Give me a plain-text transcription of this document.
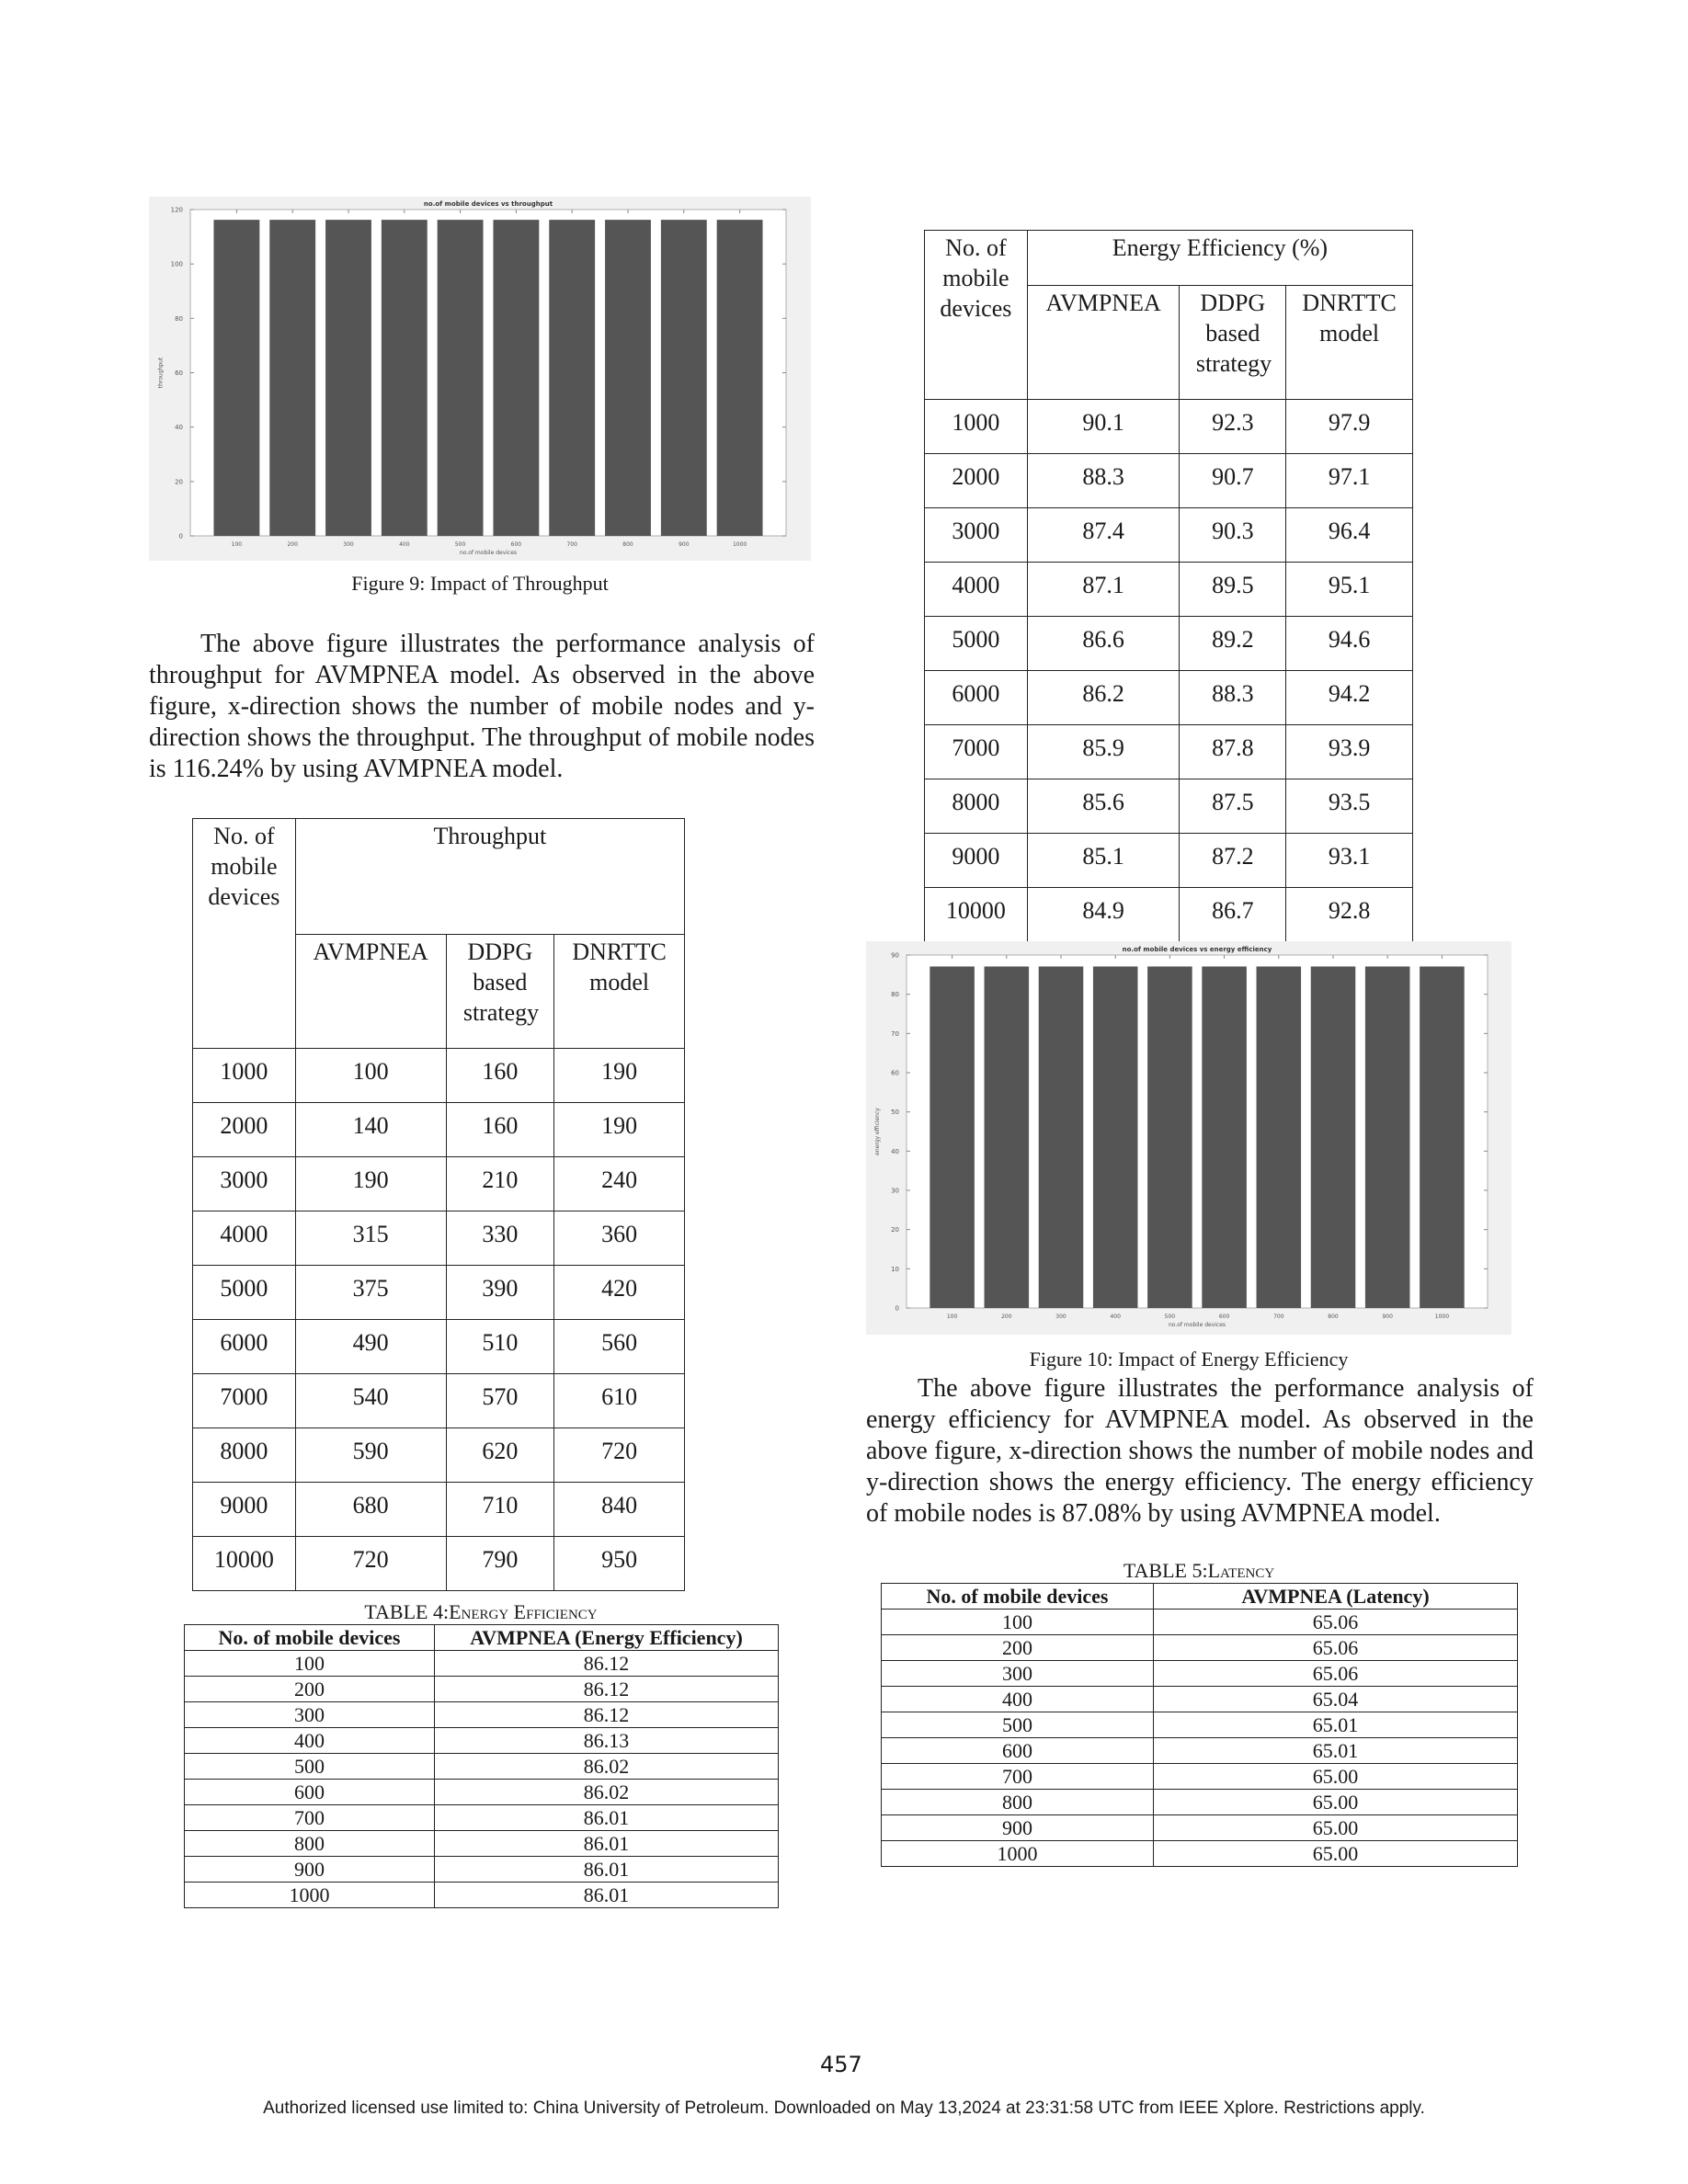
no.of mobile devices vs throughput
0
20
40
60
80
100
120
100	200	300	400	500	600	700	800	900	1000
no.of mobile devices
throughput
Figure 9: Impact of Throughput
The above figure illustrates the performance analysis of throughput for AVMPNEA model. As observed in the above figure, x-direction shows the number of mobile nodes and y-direction shows the throughput. The throughput of mobile nodes is 116.24% by using AVMPNEA model.
No. of mobile devices	Throughput		
	AVMPNEA	DDPG based strategy	DNRTTC model

1000	100	160	190
2000	140	160	190
3000	190	210	240
4000	315	330	360
5000	375	390	420
6000	490	510	560
7000	540	570	610
8000	590	620	720
9000	680	710	840
10000	720	790	950
TABLE 4:Energy Efficiency
No. of mobile devices	AVMPNEA (Energy Efficiency)
100	86.12
200	86.12
300	86.12
400	86.13
500	86.02
600	86.02
700	86.01
800	86.01
900	86.01
1000	86.01
No. of mobile devices	Energy Efficiency (%)		
	AVMPNEA	DDPG based strategy	DNRTTC model

1000	90.1	92.3	97.9
2000	88.3	90.7	97.1
3000	87.4	90.3	96.4
4000	87.1	89.5	95.1
5000	86.6	89.2	94.6
6000	86.2	88.3	94.2
7000	85.9	87.8	93.9
8000	85.6	87.5	93.5
9000	85.1	87.2	93.1
10000	84.9	86.7	92.8
no.of mobile devices vs energy efficiency
0
10
20
30
40
50
60
70
80
90
100	200	300	400	500	600	700	800	900	1000
no.of mobile devices
energy efficiency
Figure 10: Impact of Energy Efficiency
The above figure illustrates the performance analysis of energy efficiency for AVMPNEA model. As observed in the above figure, x-direction shows the number of mobile nodes and y-direction shows the energy efficiency. The energy efficiency of mobile nodes is 87.08% by using AVMPNEA model.
TABLE 5:Latency
No. of mobile devices	AVMPNEA (Latency)
100	65.06
200	65.06
300	65.06
400	65.04
500	65.01
600	65.01
700	65.00
800	65.00
900	65.00
1000	65.00
457
Authorized licensed use limited to: China University of Petroleum. Downloaded on May 13,2024 at 23:31:58 UTC from IEEE Xplore. Restrictions apply.
